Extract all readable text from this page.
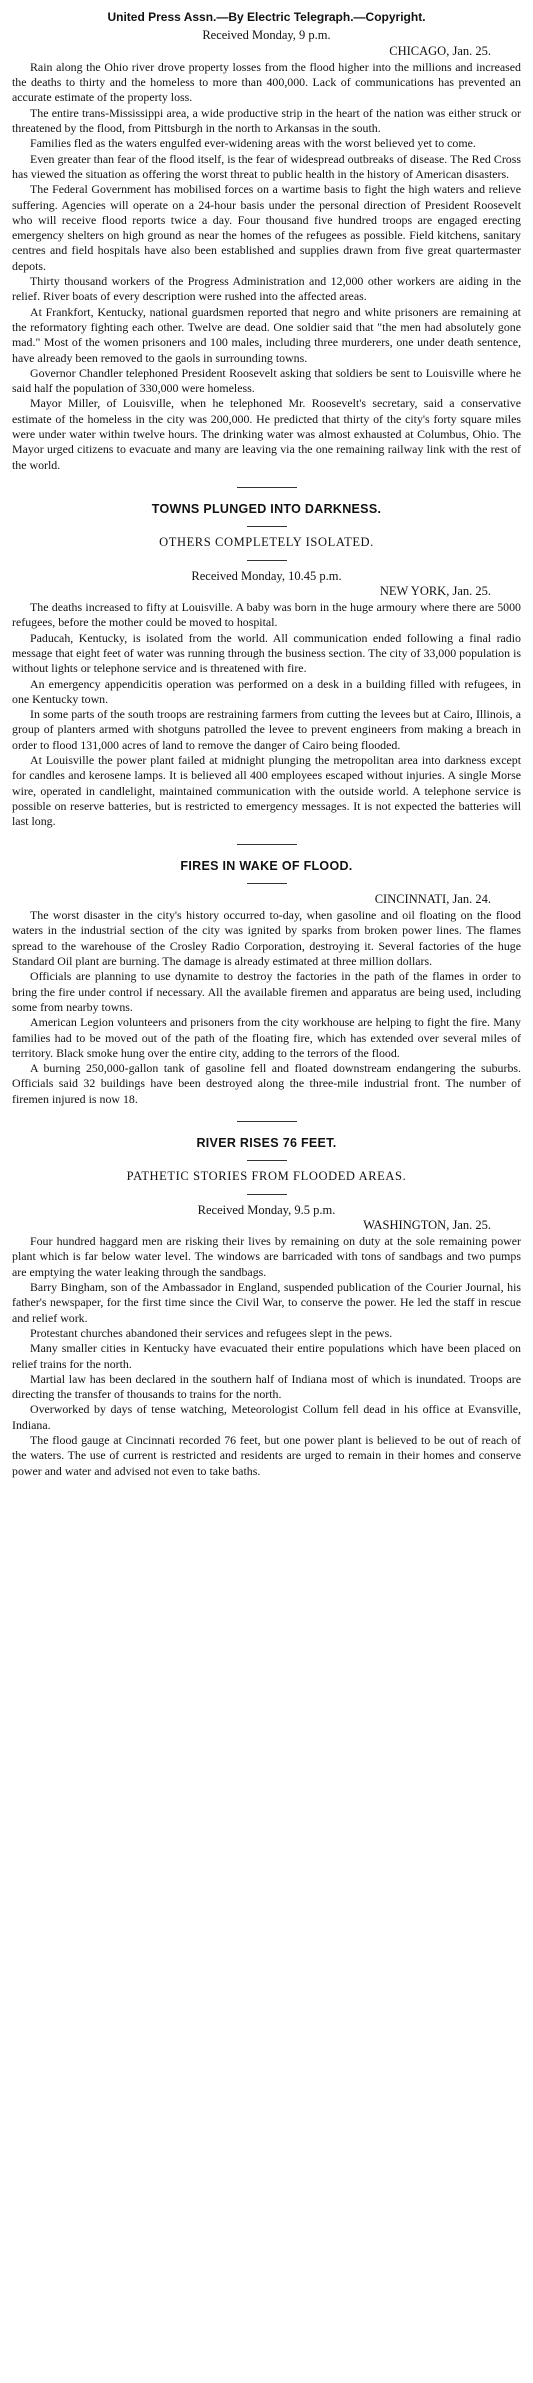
United Press Assn.—By Electric Telegraph.—Copyright.
Received Monday, 9 p.m.
CHICAGO, Jan. 25.

Rain along the Ohio river drove property losses from the flood higher into the millions and increased the deaths to thirty and the homeless to more than 400,000. Lack of communications has prevented an accurate estimate of the property loss.

The entire trans-Mississippi area, a wide productive strip in the heart of the nation was either struck or threatened by the flood, from Pittsburgh in the north to Arkansas in the south.

Families fled as the waters engulfed ever-widening areas with the worst believed yet to come.

Even greater than fear of the flood itself, is the fear of widespread outbreaks of disease. The Red Cross has viewed the situation as offering the worst threat to public health in the history of American disasters.

The Federal Government has mobilised forces on a wartime basis to fight the high waters and relieve suffering. Agencies will operate on a 24-hour basis under the personal direction of President Roosevelt who will receive flood reports twice a day. Four thousand five hundred troops are engaged erecting emergency shelters on high ground as near the homes of the refugees as possible. Field kitchens, sanitary centres and field hospitals have also been established and supplies drawn from five great quartermaster depots.

Thirty thousand workers of the Progress Administration and 12,000 other workers are aiding in the relief. River boats of every description were rushed into the affected areas.

At Frankfort, Kentucky, national guardsmen reported that negro and white prisoners are remaining at the reformatory fighting each other. Twelve are dead. One soldier said that "the men had absolutely gone mad." Most of the women prisoners and 100 males, including three murderers, one under death sentence, have already been removed to the gaols in surrounding towns.

Governor Chandler telephoned President Roosevelt asking that soldiers be sent to Louisville where he said half the population of 330,000 were homeless.

Mayor Miller, of Louisville, when he telephoned Mr. Roosevelt's secretary, said a conservative estimate of the homeless in the city was 200,000. He predicted that thirty of the city's forty square miles were under water within twelve hours. The drinking water was almost exhausted at Columbus, Ohio. The Mayor urged citizens to evacuate and many are leaving via the one remaining railway link with the rest of the world.

TOWNS PLUNGED INTO DARKNESS.
OTHERS COMPLETELY ISOLATED.
Received Monday, 10.45 p.m.
NEW YORK, Jan. 25.

The deaths increased to fifty at Louisville. A baby was born in the huge armoury where there are 5000 refugees, before the mother could be moved to hospital.

Paducah, Kentucky, is isolated from the world. All communication ended following a final radio message that eight feet of water was running through the business section. The city of 33,000 population is without lights or telephone service and is threatened with fire.

An emergency appendicitis operation was performed on a desk in a building filled with refugees, in one Kentucky town.

In some parts of the south troops are restraining farmers from cutting the levees but at Cairo, Illinois, a group of planters armed with shotguns patrolled the levee to prevent engineers from making a breach in order to flood 131,000 acres of land to remove the danger of Cairo being flooded.

At Louisville the power plant failed at midnight plunging the metropolitan area into darkness except for candles and kerosene lamps. It is believed all 400 employees escaped without injuries. A single Morse wire, operated in candlelight, maintained communication with the outside world. A telephone service is possible on reserve batteries, but is restricted to emergency messages. It is not expected the batteries will last long.

FIRES IN WAKE OF FLOOD.
CINCINNATI, Jan. 24.

The worst disaster in the city's history occurred to-day, when gasoline and oil floating on the flood waters in the industrial section of the city was ignited by sparks from broken power lines. The flames spread to the warehouse of the Crosley Radio Corporation, destroying it. Several factories of the huge Standard Oil plant are burning. The damage is already estimated at three million dollars.

Officials are planning to use dynamite to destroy the factories in the path of the flames in order to bring the fire under control if necessary. All the available firemen and apparatus are being used, including some from nearby towns.

American Legion volunteers and prisoners from the city workhouse are helping to fight the fire. Many families had to be moved out of the path of the floating fire, which has extended over several miles of territory. Black smoke hung over the entire city, adding to the terrors of the flood.

A burning 250,000-gallon tank of gasoline fell and floated downstream endangering the suburbs. Officials said 32 buildings have been destroyed along the three-mile industrial front. The number of firemen injured is now 18.

RIVER RISES 76 FEET.
PATHETIC STORIES FROM FLOODED AREAS.
Received Monday, 9.5 p.m.
WASHINGTON, Jan. 25.

Four hundred haggard men are risking their lives by remaining on duty at the sole remaining power plant which is far below water level. The windows are barricaded with tons of sandbags and two pumps are emptying the water leaking through the sandbags.

Barry Bingham, son of the Ambassador in England, suspended publication of the Courier Journal, his father's newspaper, for the first time since the Civil War, to conserve the power. He led the staff in rescue and relief work.

Protestant churches abandoned their services and refugees slept in the pews.

Many smaller cities in Kentucky have evacuated their entire populations which have been placed on relief trains for the north.

Martial law has been declared in the southern half of Indiana most of which is inundated. Troops are directing the transfer of thousands to trains for the north.

Overworked by days of tense watching, Meteorologist Collum fell dead in his office at Evansville, Indiana.

The flood gauge at Cincinnati recorded 76 feet, but one power plant is believed to be out of reach of the waters. The use of current is restricted and residents are urged to remain in their homes and conserve power and water and advised not even to take baths.
